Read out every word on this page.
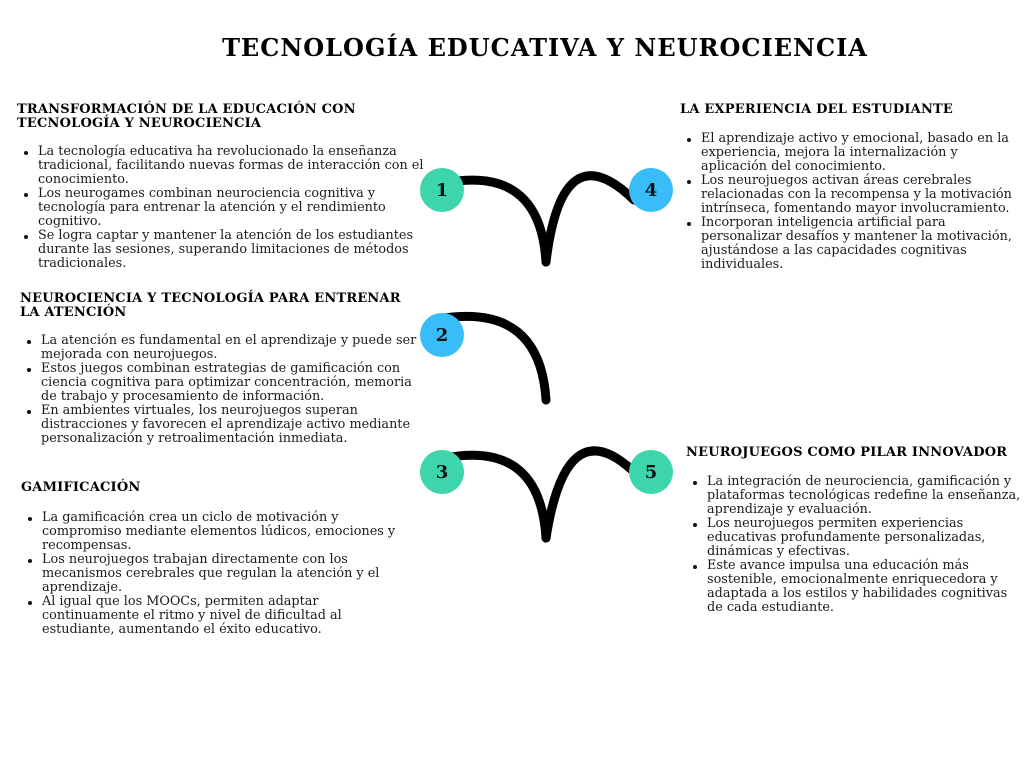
TECNOLOGÍA EDUCATIVA Y NEUROCIENCIA
1
2
3
4
5
TRANSFORMACIÓN DE LA EDUCACIÓN CON TECNOLOGÍA Y NEUROCIENCIA
La tecnología educativa ha revolucionado la enseñanza tradicional, facilitando nuevas formas de interacción con el conocimiento.
Los neurogames combinan neurociencia cognitiva y tecnología para entrenar la atención y el rendimiento cognitivo.
Se logra captar y mantener la atención de los estudiantes durante las sesiones, superando limitaciones de métodos tradicionales.
NEUROCIENCIA Y TECNOLOGÍA PARA ENTRENAR LA ATENCIÓN
La atención es fundamental en el aprendizaje y puede ser mejorada con neurojuegos.
Estos juegos combinan estrategias de gamificación con ciencia cognitiva para optimizar concentración, memoria de trabajo y procesamiento de información.
En ambientes virtuales, los neurojuegos superan distracciones y favorecen el aprendizaje activo mediante personalización y retroalimentación inmediata.
GAMIFICACIÓN
La gamificación crea un ciclo de motivación y compromiso mediante elementos lúdicos, emociones y recompensas.
Los neurojuegos trabajan directamente con los mecanismos cerebrales que regulan la atención y el aprendizaje.
Al igual que los MOOCs, permiten adaptar continuamente el ritmo y nivel de dificultad al estudiante, aumentando el éxito educativo.
LA EXPERIENCIA DEL ESTUDIANTE
El aprendizaje activo y emocional, basado en la experiencia, mejora la internalización y aplicación del conocimiento.
Los neurojuegos activan áreas cerebrales relacionadas con la recompensa y la motivación intrínseca, fomentando mayor involucramiento.
Incorporan inteligencia artificial para personalizar desafíos y mantener la motivación, ajustándose a las capacidades cognitivas individuales.
NEUROJUEGOS COMO PILAR INNOVADOR
La integración de neurociencia, gamificación y plataformas tecnológicas redefine la enseñanza, aprendizaje y evaluación.
Los neurojuegos permiten experiencias educativas profundamente personalizadas, dinámicas y efectivas.
Este avance impulsa una educación más sostenible, emocionalmente enriquecedora y adaptada a los estilos y habilidades cognitivas de cada estudiante.
